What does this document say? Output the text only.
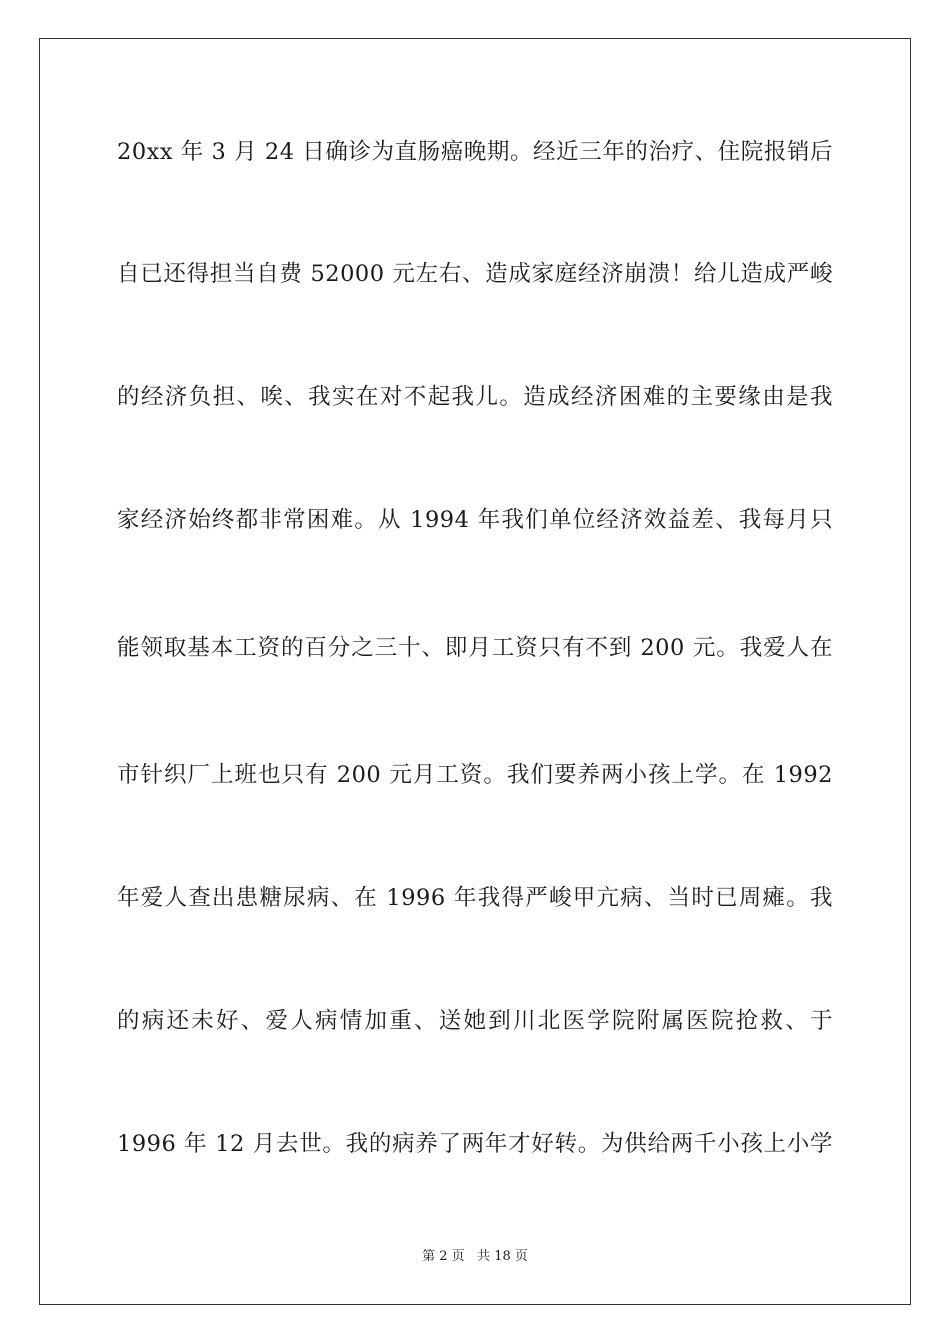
20xx 年 3 月 24 日确诊为直肠癌晚期。经近三年的治疗、住院报销后
自已还得担当自费 52000 元左右、造成家庭经济崩溃！给儿造成严峻
的经济负担、唉、我实在对不起我儿。造成经济困难的主要缘由是我
家经济始终都非常困难。从 1994 年我们单位经济效益差、我每月只
能领取基本工资的百分之三十、即月工资只有不到 200 元。我爱人在
市针织厂上班也只有 200 元月工资。我们要养两小孩上学。在 1992
年爱人查出患糖尿病、在 1996 年我得严峻甲亢病、当时已周瘫。我
的病还未好、爱人病情加重、送她到川北医学院附属医院抢救、于
1996 年 12 月去世。我的病养了两年才好转。为供给两千小孩上小学
第 2 页   共 18 页
